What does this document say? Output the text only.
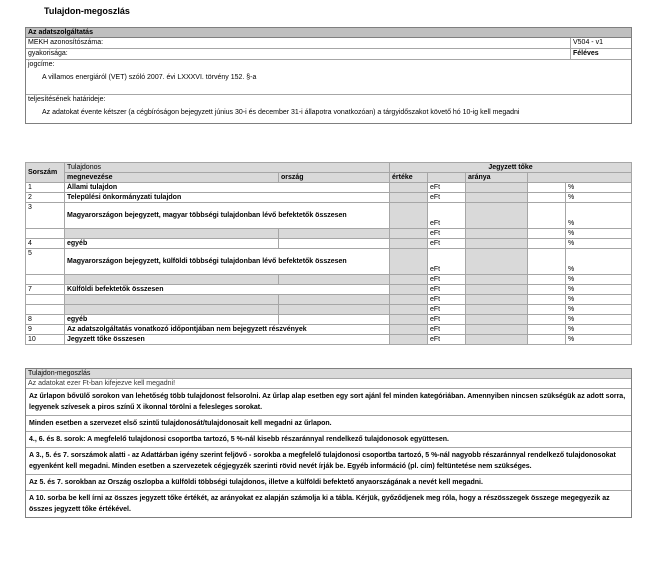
Tulajdon-megoszlás
Az adatszolgáltatás
MEKH azonosítószáma:	V504 - v1
gyakorisága:	Féléves
jogcíme:
A villamos energiáról (VET) szóló 2007. évi LXXXVI. törvény 152. §-a
teljesítésének határideje:
Az adatokat évente kétszer (a cégbíróságon bejegyzett június 30-i és december 31-i állapotra vonatkozóan) a tárgyidőszakot követő hó 10-ig kell megadni
Sorszám	Tulajdonos		Jegyzett tőke				
	megnevezése	ország	értéke		aránya		
1	Állami tulajdon			eFt			%
2	Települési önkormányzati tulajdon			eFt			%
3	Magyarországon bejegyzett, magyar többségi tulajdonban lévő befektetők összesen			eFt			%
				eFt			%
4	egyéb			eFt			%
5	Magyarországon bejegyzett, külföldi többségi tulajdonban lévő befektetők összesen			eFt			%
				eFt			%
7	Külföldi befektetők összesen			eFt			%
				eFt			%
				eFt			%
8	egyéb			eFt			%
9	Az adatszolgáltatás vonatkozó időpontjában nem bejegyzett részvények			eFt			%
10	Jegyzett tőke összesen			eFt			%
Tulajdon-megoszlás
Az adatokat ezer Ft-ban kifejezve kell megadni!
Az űrlapon bővülő sorokon van lehetőség több tulajdonost felsorolni. Az űrlap alap esetben egy sort ajánl fel minden kategóriában. Amennyiben nincsen szükségük az adott sorra, legyenek szívesek a piros színű X ikonnal törölni a felesleges sorokat.
Minden esetben a szervezet első szintű tulajdonosát/tulajdonosait kell megadni az űrlapon.
4., 6. és 8. sorok: A megfelelő tulajdonosi csoportba tartozó, 5 %-nál kisebb részaránnyal rendelkező tulajdonosok együttesen.
A 3., 5. és 7. sorszámok alatti - az Adattárban igény szerint feljövő - sorokba a megfelelő tulajdonosi csoportba tartozó, 5 %-nál nagyobb részaránnyal rendelkező tulajdonosokat egyenként kell megadni. Minden esetben a szervezetek cégjegyzék szerinti rövid nevét írják be. Egyéb információ (pl. cím) feltüntetése nem szükséges.
Az 5. és 7. sorokban az Ország oszlopba a külföldi többségi tulajdonos, illetve a külföldi befektető anyaországának a nevét kell megadni.
A 10. sorba be kell írni az összes jegyzett tőke értékét, az arányokat ez alapján számolja ki a tábla. Kérjük, győződjenek meg róla, hogy a részösszegek összege megegyezik az összes jegyzett tőke értékével.
